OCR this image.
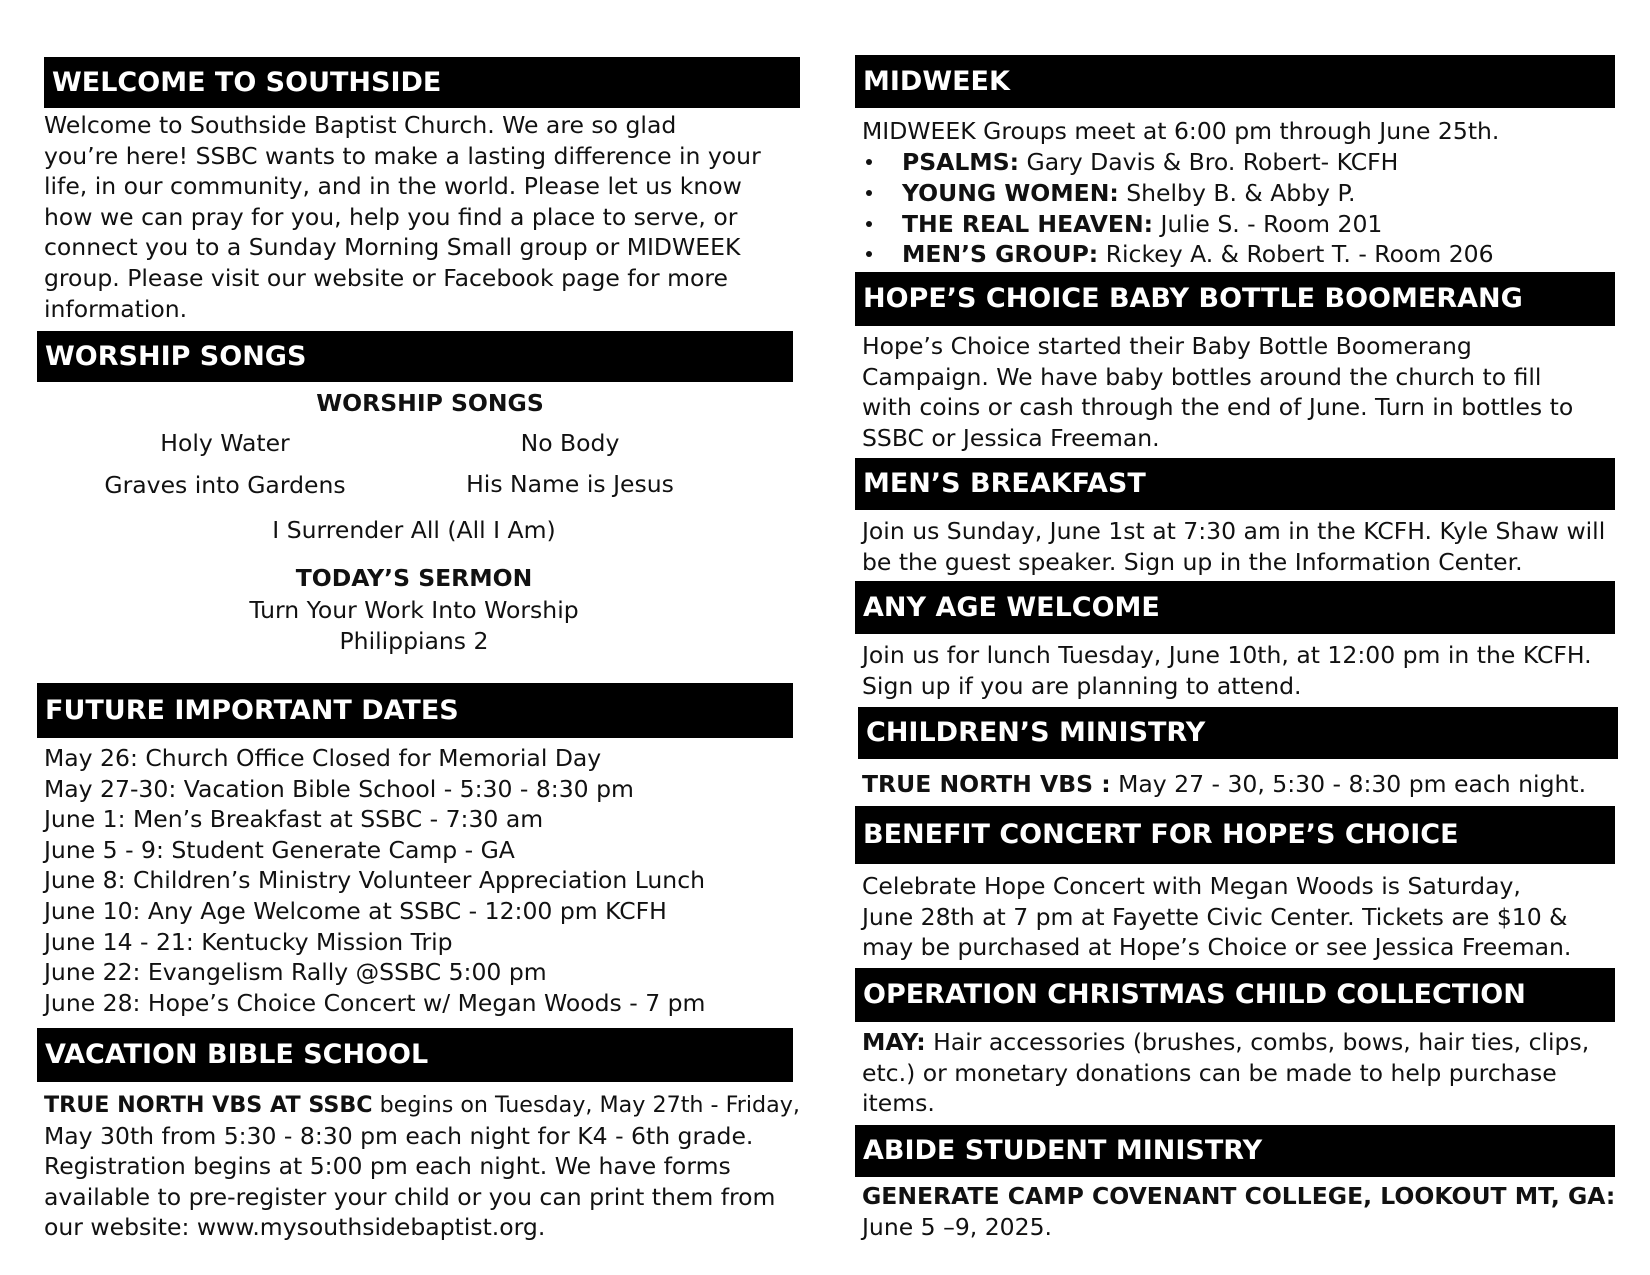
WELCOME TO SOUTHSIDE
Welcome to Southside Baptist Church. We are so glad
you’re here! SSBC wants to make a lasting difference in your
life, in our community, and in the world. Please let us know
how we can pray for you, help you find a place to serve, or
connect you to a Sunday Morning Small group or MIDWEEK
group. Please visit our website or Facebook page for more
information.
WORSHIP SONGS
WORSHIP SONGS
Holy Water	No Body
Graves into Gardens	His Name is Jesus
I Surrender All (All I Am)
TODAY’S SERMON
Turn Your Work Into Worship
Philippians 2
FUTURE IMPORTANT DATES
May 26: Church Office Closed for Memorial Day
May 27-30: Vacation Bible School - 5:30 - 8:30 pm
June 1: Men’s Breakfast at SSBC - 7:30 am
June 5 - 9: Student Generate Camp - GA
June 8: Children’s Ministry Volunteer Appreciation Lunch
June 10: Any Age Welcome at SSBC - 12:00 pm KCFH
June 14 - 21: Kentucky Mission Trip
June 22: Evangelism Rally @SSBC 5:00 pm
June 28: Hope’s Choice Concert w/ Megan Woods - 7 pm
VACATION BIBLE SCHOOL
TRUE NORTH VBS AT SSBC begins on Tuesday, May 27th - Friday,
May 30th from 5:30 - 8:30 pm each night for K4 - 6th grade.
Registration begins at 5:00 pm each night. We have forms
available to pre-register your child or you can print them from
our website: www.mysouthsidebaptist.org.
MIDWEEK
MIDWEEK Groups meet at 6:00 pm through June 25th.
PSALMS: Gary Davis & Bro. Robert- KCFH
YOUNG WOMEN: Shelby B. & Abby P.
THE REAL HEAVEN: Julie S. - Room 201
MEN’S GROUP: Rickey A. & Robert T. - Room 206
HOPE’S CHOICE BABY BOTTLE BOOMERANG
Hope’s Choice started their Baby Bottle Boomerang
Campaign. We have baby bottles around the church to fill
with coins or cash through the end of June. Turn in bottles to
SSBC or Jessica Freeman.
MEN’S BREAKFAST
Join us Sunday, June 1st at 7:30 am in the KCFH. Kyle Shaw will
be the guest speaker. Sign up in the Information Center.
ANY AGE WELCOME
Join us for lunch Tuesday, June 10th, at 12:00 pm in the KCFH.
Sign up if you are planning to attend.
CHILDREN’S MINISTRY
TRUE NORTH VBS : May 27 - 30, 5:30 - 8:30 pm each night.
BENEFIT CONCERT FOR HOPE’S CHOICE
Celebrate Hope Concert with Megan Woods is Saturday,
June 28th at 7 pm at Fayette Civic Center. Tickets are $10 &
may be purchased at Hope’s Choice or see Jessica Freeman.
OPERATION CHRISTMAS CHILD COLLECTION
MAY: Hair accessories (brushes, combs, bows, hair ties, clips,
etc.) or monetary donations can be made to help purchase
items.
ABIDE STUDENT MINISTRY
GENERATE CAMP COVENANT COLLEGE, LOOKOUT MT, GA:
June 5 –9, 2025.
